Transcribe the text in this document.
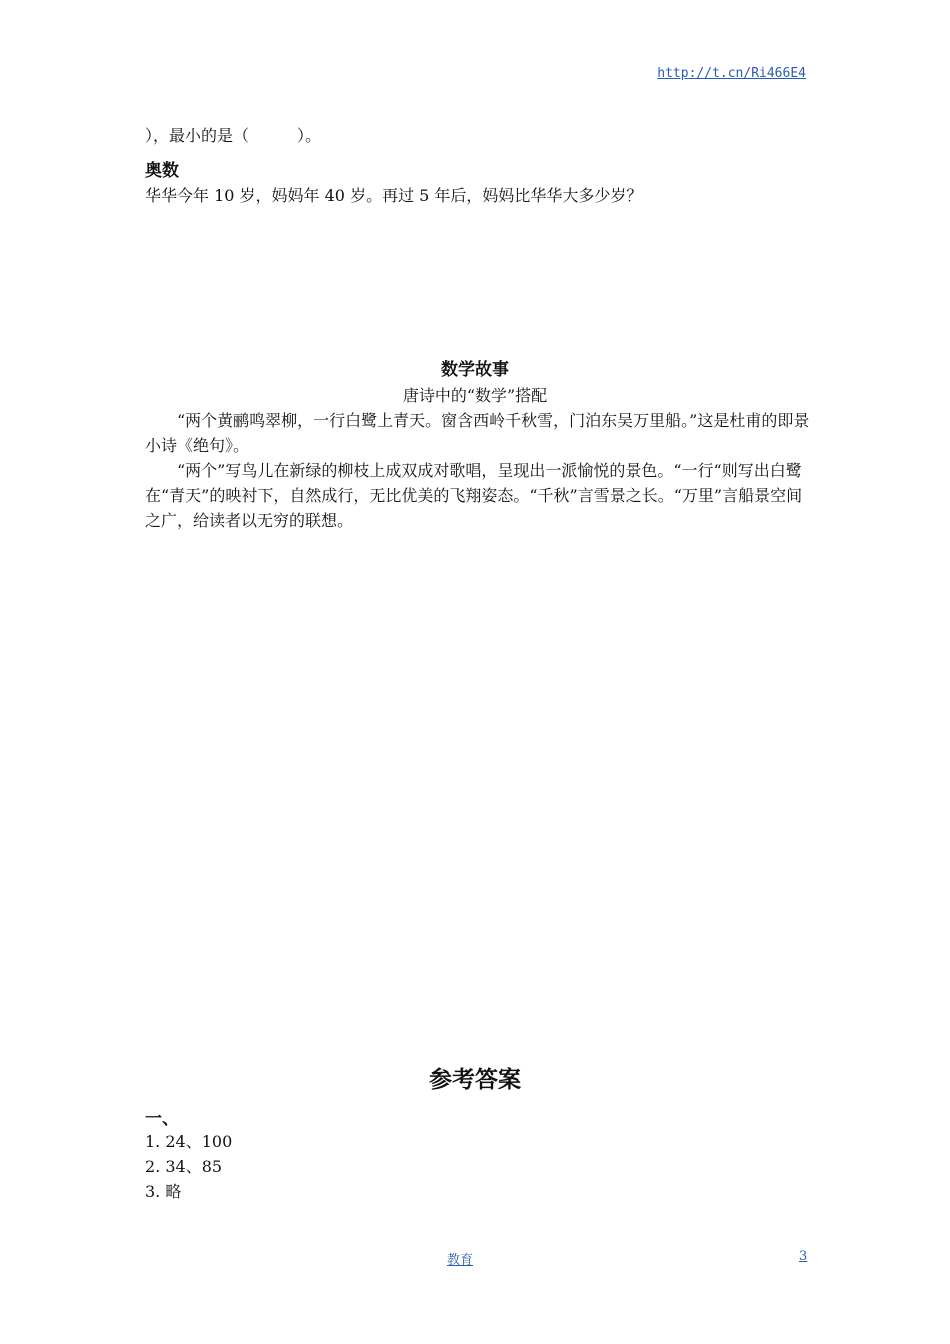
http://t.cn/Ri466E4
），最小的是（　　　）。
奥数
华华今年 10 岁，妈妈年 40 岁。再过 5 年后，妈妈比华华大多少岁？
数学故事
唐诗中的“数学”搭配
“两个黄鹂鸣翠柳，一行白鹭上青天。窗含西岭千秋雪，门泊东吴万里船。”这是杜甫的即景小诗《绝句》。
“两个”写鸟儿在新绿的柳枝上成双成对歌唱，呈现出一派愉悦的景色。“一行“则写出白鹭在“青天”的映衬下，自然成行，无比优美的飞翔姿态。“千秋”言雪景之长。“万里”言船景空间之广，给读者以无穷的联想。
参考答案
一、
1. 24、100
2. 34、85
3. 略
教育	3
